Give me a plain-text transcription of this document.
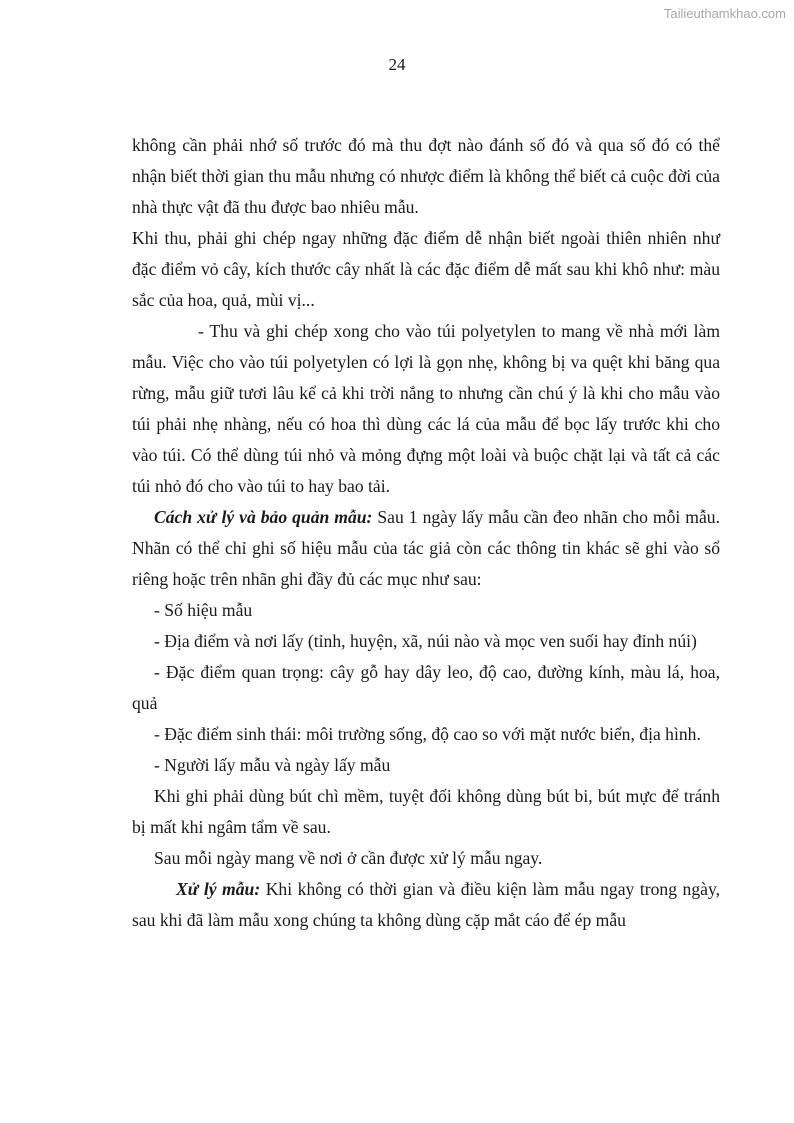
Tailieuthamkhao.com
24

không cần phải nhớ số trước đó mà thu đợt nào đánh số đó và qua số đó có thể nhận biết thời gian thu mẫu nhưng có nhược điểm là không thể biết cả cuộc đời của nhà thực vật đã thu được bao nhiêu mẫu.

Khi thu, phải ghi chép ngay những đặc điểm dễ nhận biết ngoài thiên nhiên như đặc điểm vỏ cây, kích thước cây nhất là các đặc điểm dễ mất sau khi khô như: màu sắc của hoa, quả, mùi vị...

- Thu và ghi chép xong cho vào túi polyetylen to mang về nhà mới làm mẫu. Việc cho vào túi polyetylen có lợi là gọn nhẹ, không bị va quệt khi băng qua rừng, mẫu giữ tươi lâu kể cả khi trời nắng to nhưng cần chú ý là khi cho mẫu vào túi phải nhẹ nhàng, nếu có hoa thì dùng các lá của mẫu để bọc lấy trước khi cho vào túi. Có thể dùng túi nhỏ và mỏng đựng một loài và buộc chặt lại và tất cả các túi nhỏ đó cho vào túi to hay bao tải.

Cách xử lý và bảo quản mẫu: Sau 1 ngày lấy mẫu cần đeo nhãn cho mỗi mẫu. Nhãn có thể chỉ ghi số hiệu mẫu của tác giả còn các thông tin khác sẽ ghi vào sổ riêng hoặc trên nhãn ghi đầy đủ các mục như sau:

- Số hiệu mẫu

- Địa điểm và nơi lấy (tỉnh, huyện, xã, núi nào và mọc ven suối hay đỉnh núi)

- Đặc điểm quan trọng: cây gỗ hay dây leo, độ cao, đường kính, màu lá, hoa, quả

- Đặc điểm sinh thái: môi trường sống, độ cao so với mặt nước biển, địa hình.

- Người lấy mẫu và ngày lấy mẫu

Khi ghi phải dùng bút chì mềm, tuyệt đối không dùng bút bi, bút mực để tránh bị mất khi ngâm tẩm về sau.

Sau mỗi ngày mang về nơi ở cần được xử lý mẫu ngay.

Xử lý mẫu: Khi không có thời gian và điều kiện làm mẫu ngay trong ngày, sau khi đã làm mẫu xong chúng ta không dùng cặp mắt cáo để ép mẫu
